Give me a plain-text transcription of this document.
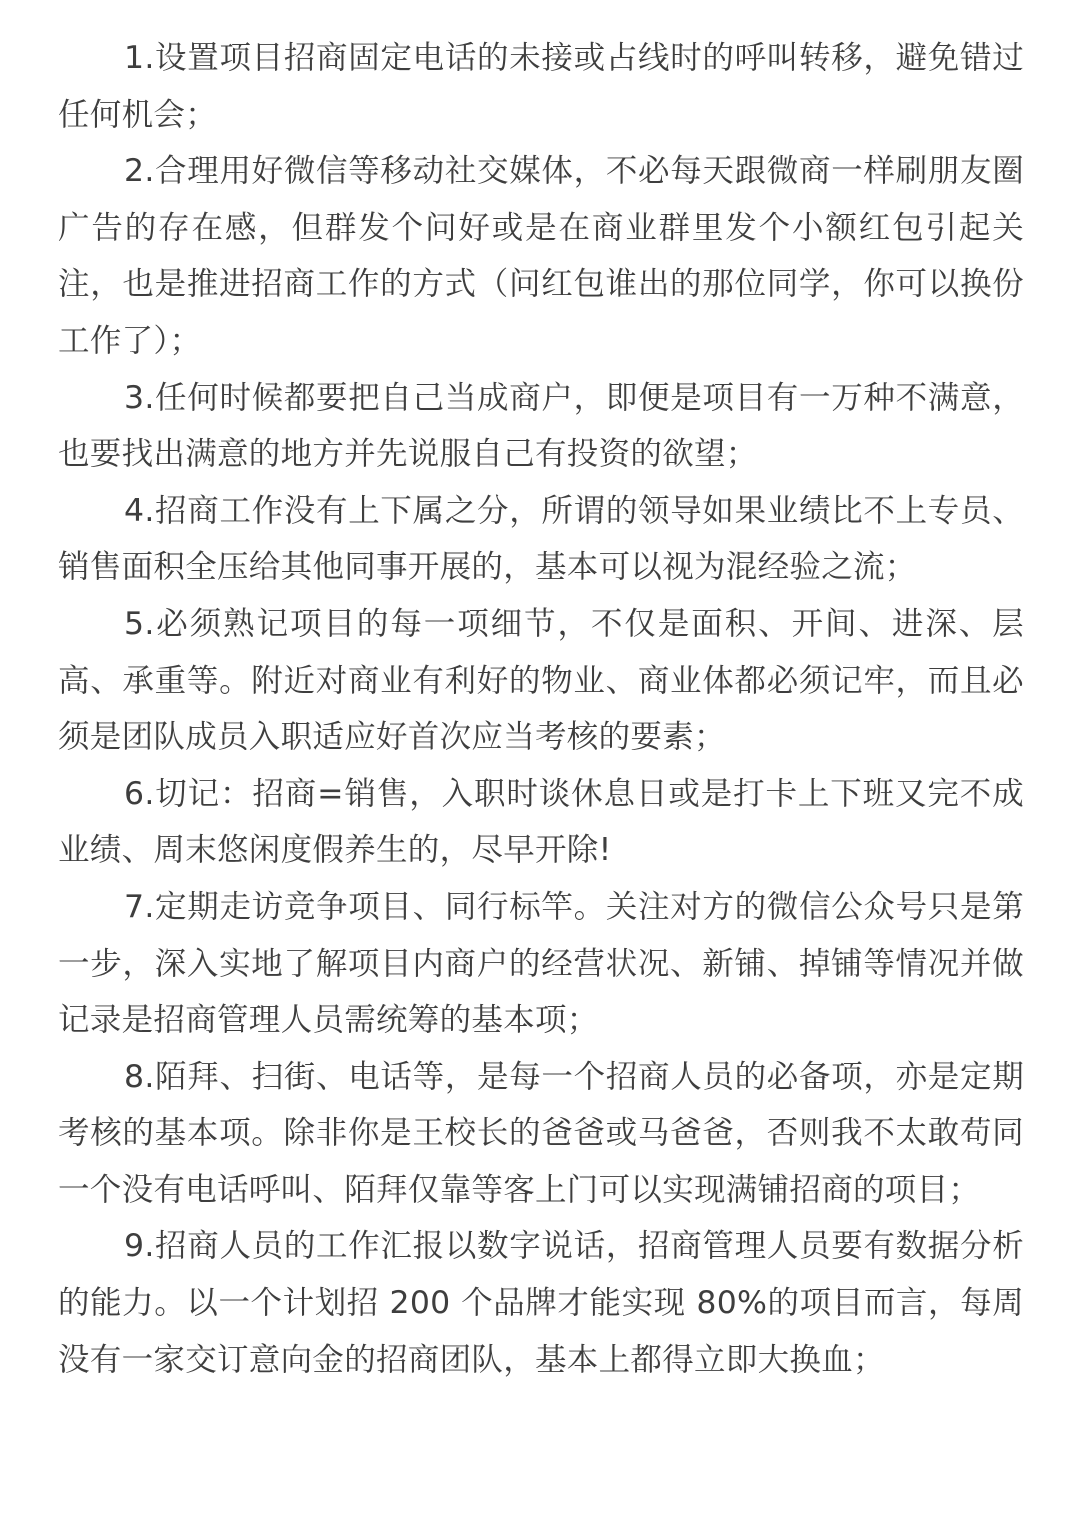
1.设置项目招商固定电话的未接或占线时的呼叫转移，避免错过任何机会；

2.合理用好微信等移动社交媒体，不必每天跟微商一样刷朋友圈广告的存在感，但群发个问好或是在商业群里发个小额红包引起关注，也是推进招商工作的方式（问红包谁出的那位同学，你可以换份工作了）；

3.任何时候都要把自己当成商户，即便是项目有一万种不满意，也要找出满意的地方并先说服自己有投资的欲望；

4.招商工作没有上下属之分，所谓的领导如果业绩比不上专员、销售面积全压给其他同事开展的，基本可以视为混经验之流；

5.必须熟记项目的每一项细节，不仅是面积、开间、进深、层高、承重等。附近对商业有利好的物业、商业体都必须记牢，而且必须是团队成员入职适应好首次应当考核的要素；

6.切记：招商=销售，入职时谈休息日或是打卡上下班又完不成业绩、周末悠闲度假养生的，尽早开除!

7.定期走访竞争项目、同行标竿。关注对方的微信公众号只是第一步，深入实地了解项目内商户的经营状况、新铺、掉铺等情况并做记录是招商管理人员需统筹的基本项；

8.陌拜、扫街、电话等，是每一个招商人员的必备项，亦是定期考核的基本项。除非你是王校长的爸爸或马爸爸，否则我不太敢苟同一个没有电话呼叫、陌拜仅靠等客上门可以实现满铺招商的项目；

9.招商人员的工作汇报以数字说话，招商管理人员要有数据分析的能力。以一个计划招 200 个品牌才能实现 80%的项目而言，每周没有一家交订意向金的招商团队，基本上都得立即大换血；
